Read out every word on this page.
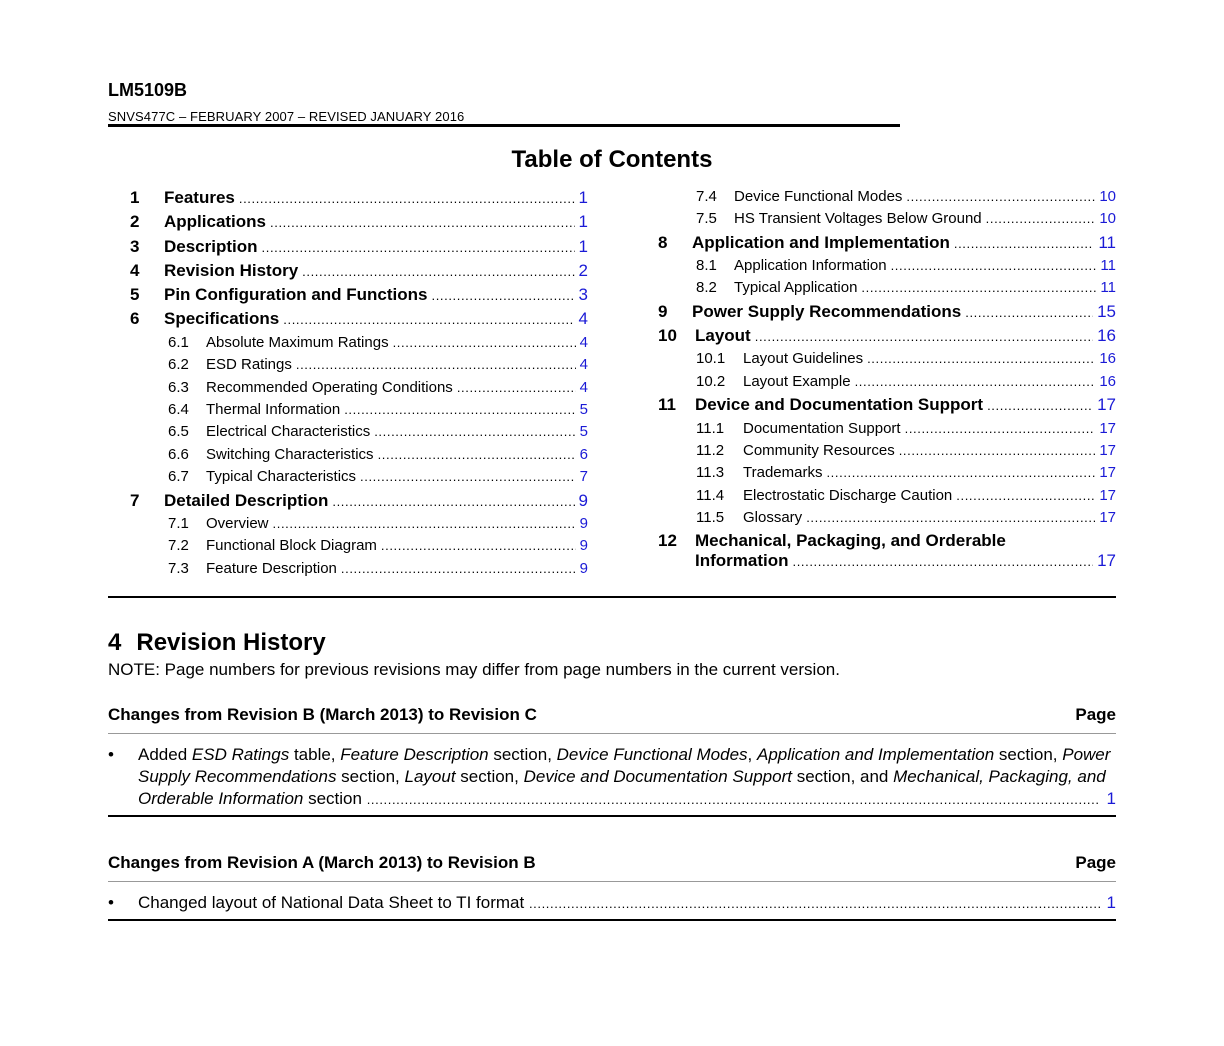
LM5109B
SNVS477C – FEBRUARY 2007 – REVISED JANUARY 2016
Table of Contents
1	Features .....	1
2	Applications .....	1
3	Description .....	1
4	Revision History .....	2
5	Pin Configuration and Functions .....	3
6	Specifications .....	4
6.1	Absolute Maximum Ratings .....	4
6.2	ESD Ratings .....	4
6.3	Recommended Operating Conditions .....	4
6.4	Thermal Information .....	5
6.5	Electrical Characteristics .....	5
6.6	Switching Characteristics .....	6
6.7	Typical Characteristics .....	7
7	Detailed Description .....	9
7.1	Overview .....	9
7.2	Functional Block Diagram .....	9
7.3	Feature Description .....	9
7.4	Device Functional Modes .....	10
7.5	HS Transient Voltages Below Ground .....	10
8	Application and Implementation .....	11
8.1	Application Information .....	11
8.2	Typical Application .....	11
9	Power Supply Recommendations .....	15
10	Layout .....	16
10.1	Layout Guidelines .....	16
10.2	Layout Example .....	16
11	Device and Documentation Support .....	17
11.1	Documentation Support .....	17
11.2	Community Resources .....	17
11.3	Trademarks .....	17
11.4	Electrostatic Discharge Caution .....	17
11.5	Glossary .....	17
12	Mechanical, Packaging, and Orderable
Information .....	17
4 Revision History
NOTE: Page numbers for previous revisions may differ from page numbers in the current version.
Changes from Revision B (March 2013) to Revision C	Page
• Added ESD Ratings table, Feature Description section, Device Functional Modes, Application and Implementation section, Power Supply Recommendations section, Layout section, Device and Documentation Support section, and Mechanical, Packaging, and Orderable Information section	1
..............................................................................................................................................................................
Changes from Revision A (March 2013) to Revision B	Page
• Changed layout of National Data Sheet to TI format	1
........................................................................................................................................
